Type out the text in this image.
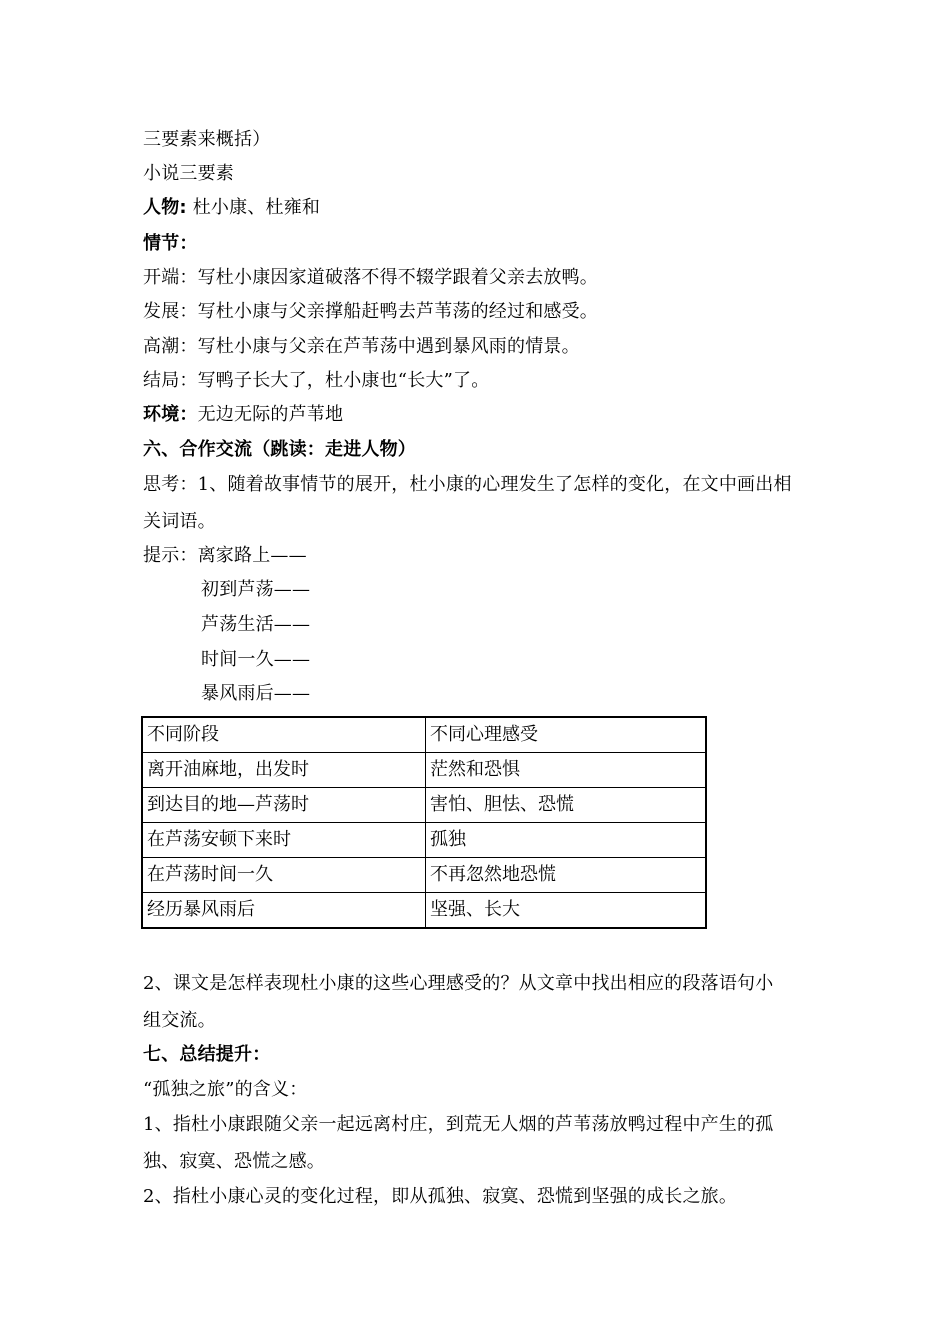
三要素来概括）
小说三要素
人物: 杜小康、杜雍和
情节：
开端：写杜小康因家道破落不得不辍学跟着父亲去放鸭。
发展：写杜小康与父亲撑船赶鸭去芦苇荡的经过和感受。
高潮：写杜小康与父亲在芦苇荡中遇到暴风雨的情景。
结局：写鸭子长大了，杜小康也“长大”了。
环境：无边无际的芦苇地
六、合作交流（跳读：走进人物）
思考：1、随着故事情节的展开，杜小康的心理发生了怎样的变化，在文中画出相
关词语。
提示：离家路上——
初到芦荡——
芦荡生活——
时间一久——
暴风雨后——
不同阶段	不同心理感受
离开油麻地，出发时	茫然和恐惧
到达目的地—芦荡时	害怕、胆怯、恐慌
在芦荡安顿下来时	孤独
在芦荡时间一久	不再忽然地恐慌
经历暴风雨后	坚强、长大
2、课文是怎样表现杜小康的这些心理感受的？从文章中找出相应的段落语句小
组交流。
七、总结提升：
“孤独之旅”的含义：
1、指杜小康跟随父亲一起远离村庄，到荒无人烟的芦苇荡放鸭过程中产生的孤
独、寂寞、恐慌之感。
2、指杜小康心灵的变化过程，即从孤独、寂寞、恐慌到坚强的成长之旅。
